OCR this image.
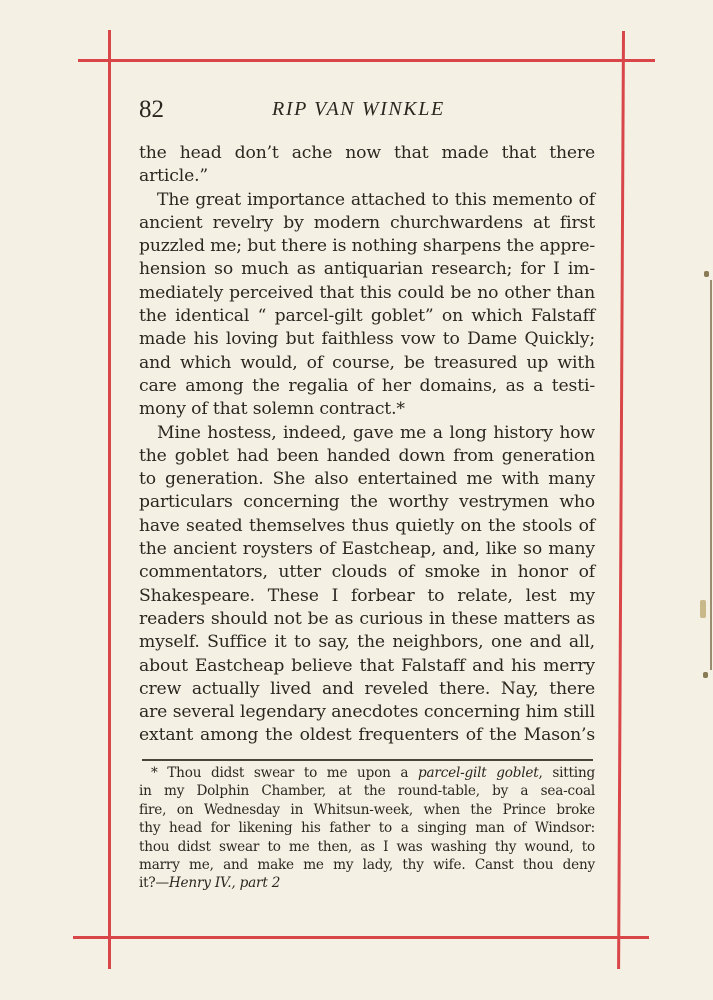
82	RIP VAN WINKLE
the head don’t ache now that made that there
article.”
The great importance attached to this memento of
ancient revelry by modern churchwardens at first
puzzled me; but there is nothing sharpens the appre-
hension so much as antiquarian research; for I im-
mediately perceived that this could be no other than
the identical “ parcel-gilt goblet” on which Falstaff
made his loving but faithless vow to Dame Quickly;
and which would, of course, be treasured up with
care among the regalia of her domains, as a testi-
mony of that solemn contract.*
Mine hostess, indeed, gave me a long history how
the goblet had been handed down from generation
to generation. She also entertained me with many
particulars concerning the worthy vestrymen who
have seated themselves thus quietly on the stools of
the ancient roysters of Eastcheap, and, like so many
commentators, utter clouds of smoke in honor of
Shakespeare. These I forbear to relate, lest my
readers should not be as curious in these matters as
myself. Suffice it to say, the neighbors, one and all,
about Eastcheap believe that Falstaff and his merry
crew actually lived and reveled there. Nay, there
are several legendary anecdotes concerning him still
extant among the oldest frequenters of the Mason’s
* Thou didst swear to me upon a parcel-gilt goblet, sitting
in my Dolphin Chamber, at the round-table, by a sea-coal
fire, on Wednesday in Whitsun-week, when the Prince broke
thy head for likening his father to a singing man of Windsor:
thou didst swear to me then, as I was washing thy wound, to
marry me, and make me my lady, thy wife. Canst thou deny
it?—Henry IV., part 2
